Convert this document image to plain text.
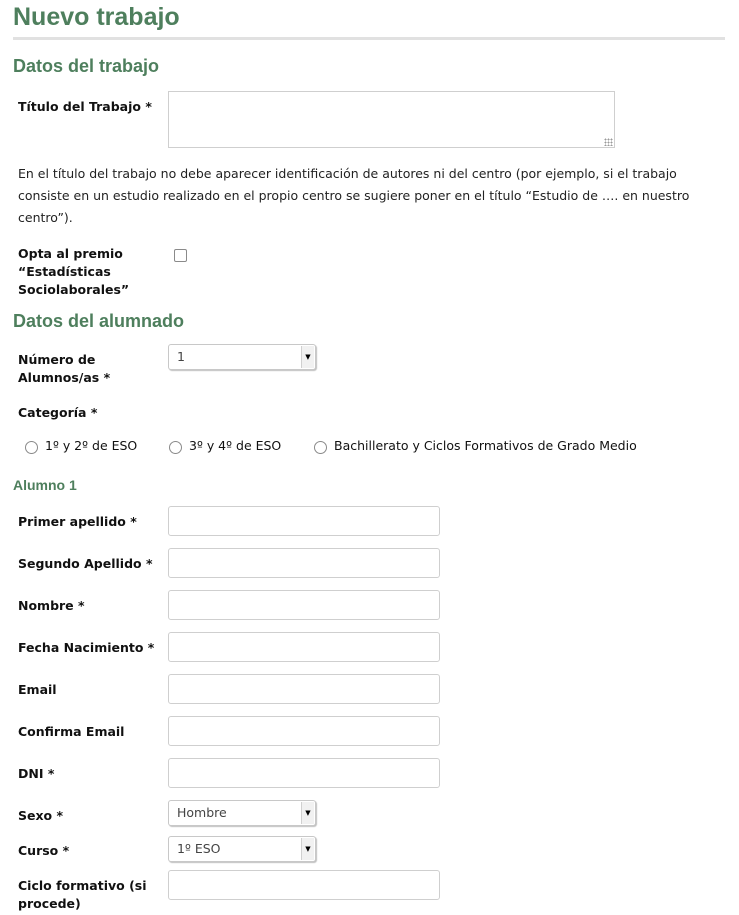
Nuevo trabajo
Datos del trabajo
Título del Trabajo *
En el título del trabajo no debe aparecer identificación de autores ni del centro (por ejemplo, si el trabajo consiste en un estudio realizado en el propio centro se sugiere poner en el título “Estudio de …. en nuestro centro”).
Opta al premio “Estadísticas Sociolaborales”
Datos del alumnado
Número de Alumnos/as *
1	▼
Categoría *
1º y 2º de ESO	3º y 4º de ESO	Bachillerato y Ciclos Formativos de Grado Medio
Alumno 1
Primer apellido *
Segundo Apellido *
Nombre *
Fecha Nacimiento *
Email
Confirma Email
DNI *
Sexo *	Hombre	▼
Curso *	1º ESO	▼
Ciclo formativo (si procede)
